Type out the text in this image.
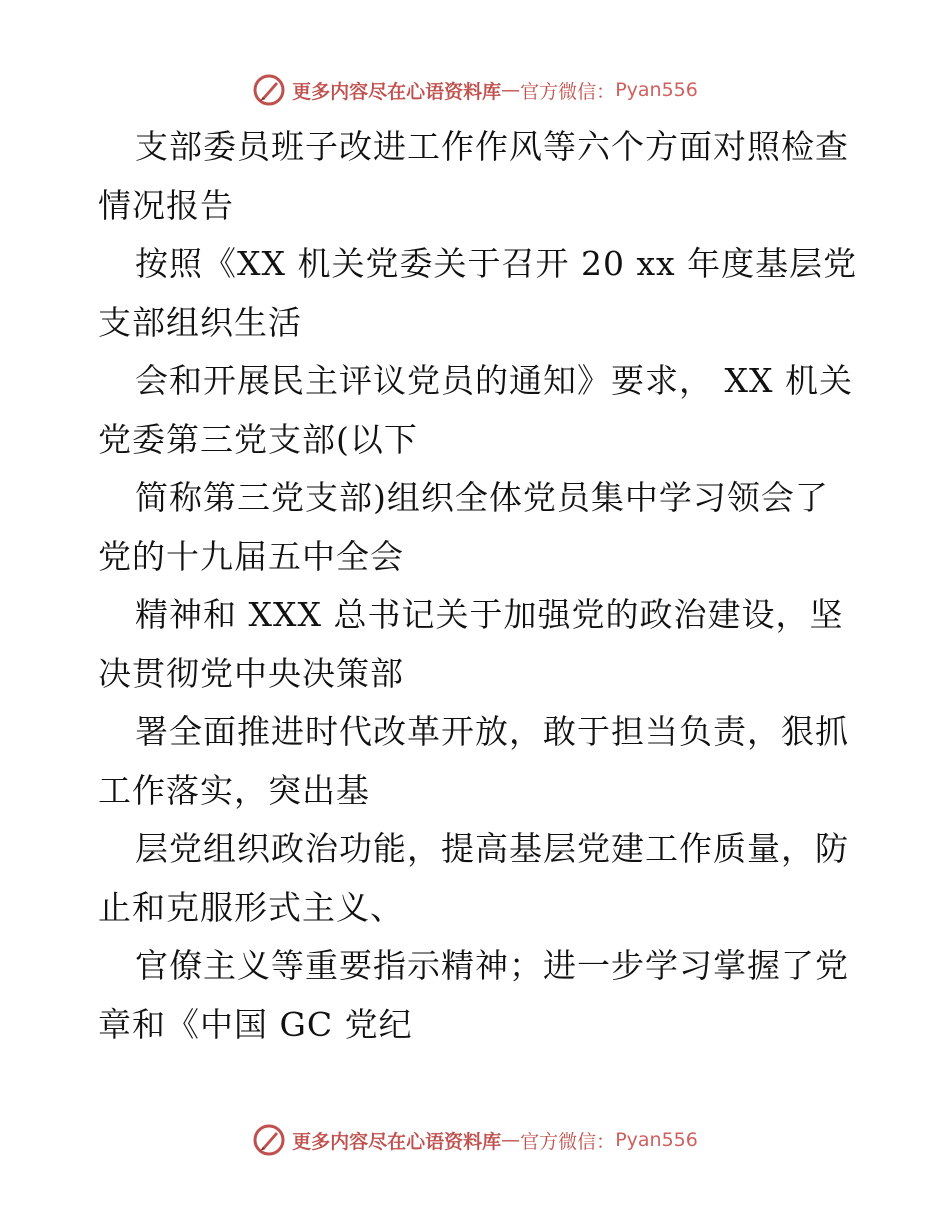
更多内容尽在心语资料库 — 官方微信： Pyan556
支部委员班子改进工作作风等六个方面对照检查
情况报告
按照《XX 机关党委关于召开 20 xx 年度基层党
支部组织生活
会和开展民主评议党员的通知》要求， XX 机关
党委第三党支部(以下
简称第三党支部)组织全体党员集中学习领会了
党的十九届五中全会
精神和 XXX 总书记关于加强党的政治建设，坚
决贯彻党中央决策部
署全面推进时代改革开放，敢于担当负责，狠抓
工作落实，突出基
层党组织政治功能，提高基层党建工作质量，防
止和克服形式主义、
官僚主义等重要指示精神；进一步学习掌握了党
章和《中国 GC 党纪
更多内容尽在心语资料库 — 官方微信： Pyan556
